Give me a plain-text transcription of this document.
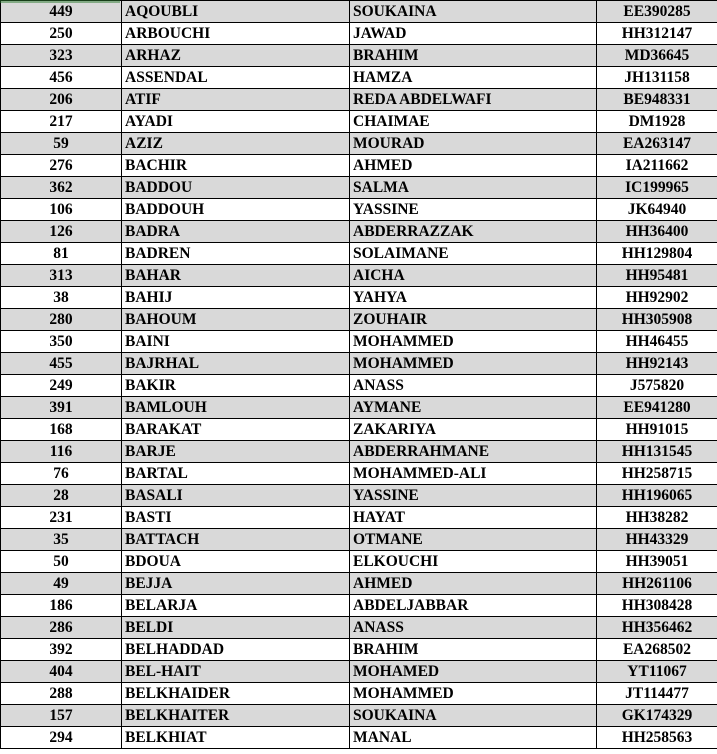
449	AQOUBLI	SOUKAINA	EE390285
250	ARBOUCHI	JAWAD	HH312147
323	ARHAZ	BRAHIM	MD36645
456	ASSENDAL	HAMZA	JH131158
206	ATIF	REDA ABDELWAFI	BE948331
217	AYADI	CHAIMAE	DM1928
59	AZIZ	MOURAD	EA263147
276	BACHIR	AHMED	IA211662
362	BADDOU	SALMA	IC199965
106	BADDOUH	YASSINE	JK64940
126	BADRA	ABDERRAZZAK	HH36400
81	BADREN	SOLAIMANE	HH129804
313	BAHAR	AICHA	HH95481
38	BAHIJ	YAHYA	HH92902
280	BAHOUM	ZOUHAIR	HH305908
350	BAINI	MOHAMMED	HH46455
455	BAJRHAL	MOHAMMED	HH92143
249	BAKIR	ANASS	J575820
391	BAMLOUH	AYMANE	EE941280
168	BARAKAT	ZAKARIYA	HH91015
116	BARJE	ABDERRAHMANE	HH131545
76	BARTAL	MOHAMMED-ALI	HH258715
28	BASALI	YASSINE	HH196065
231	BASTI	HAYAT	HH38282
35	BATTACH	OTMANE	HH43329
50	BDOUA	ELKOUCHI	HH39051
49	BEJJA	AHMED	HH261106
186	BELARJA	ABDELJABBAR	HH308428
286	BELDI	ANASS	HH356462
392	BELHADDAD	BRAHIM	EA268502
404	BEL-HAIT	MOHAMED	YT11067
288	BELKHAIDER	MOHAMMED	JT114477
157	BELKHAITER	SOUKAINA	GK174329
294	BELKHIAT	MANAL	HH258563
